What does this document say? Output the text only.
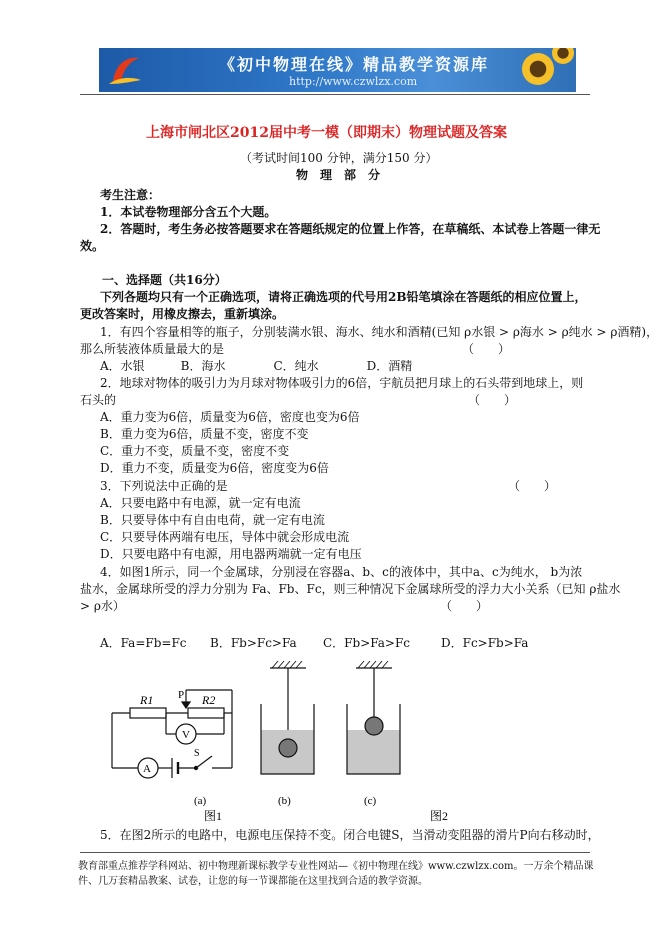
《初中物理在线》精品教学资源库
http://www.czwlzx.com
上海市闸北区2012届中考一模（即期末）物理试题及答案
（考试时间100 分钟，满分150 分）
物　理　部　分
考生注意：
1．本试卷物理部分含五个大题。
2．答题时，考生务必按答题要求在答题纸规定的位置上作答，在草稿纸、本试卷上答题一律无
效。
一、选择题（共16分）
下列各题均只有一个正确选项，请将正确选项的代号用2B铅笔填涂在答题纸的相应位置上，
更改答案时，用橡皮擦去，重新填涂。
1．有四个容量相等的瓶子，分别装满水银、海水、纯水和酒精(已知 ρ水银 > ρ海水 > ρ纯水 > ρ酒精)，
那么所装液体质量最大的是	（　　）
A．水银　　　B．海水　　　　C．纯水　　　　D．酒精
2．地球对物体的吸引力为月球对物体吸引力的6倍，宇航员把月球上的石头带到地球上，则
石头的	（　　）
A．重力变为6倍，质量变为6倍，密度也变为6倍
B．重力变为6倍，质量不变，密度不变
C．重力不变，质量不变，密度不变
D．重力不变，质量变为6倍，密度变为6倍
3．下列说法中正确的是	（　　）
A．只要电路中有电源，就一定有电流
B．只要导体中有自由电荷，就一定有电流
C．只要导体两端有电压，导体中就会形成电流
D．只要电路中有电源，用电器两端就一定有电压
4．如图1所示，同一个金属球，分别浸在容器a、b、c的液体中，其中a、c为纯水， b为浓
盐水，金属球所受的浮力分别为 Fa、Fb、Fc，则三种情况下金属球所受的浮力大小关系（已知 ρ盐水
> ρ水）	（　　）
A．Fa=Fb=Fc B．Fb>Fc>Fa C．Fb>Fa>Fc	D．Fc>Fb>Fa
R1	R2
P
V
A
S
(a)	(b)	(c)
图1	图2
5．在图2所示的电路中，电源电压保持不变。闭合电键S，当滑动变阻器的滑片P向右移动时，
教育部重点推荐学科网站、初中物理新课标教学专业性网站—《初中物理在线》www.czwlzx.com。一万余个精品课
件、几万套精品教案、试卷，让您的每一节课都能在这里找到合适的教学资源。
